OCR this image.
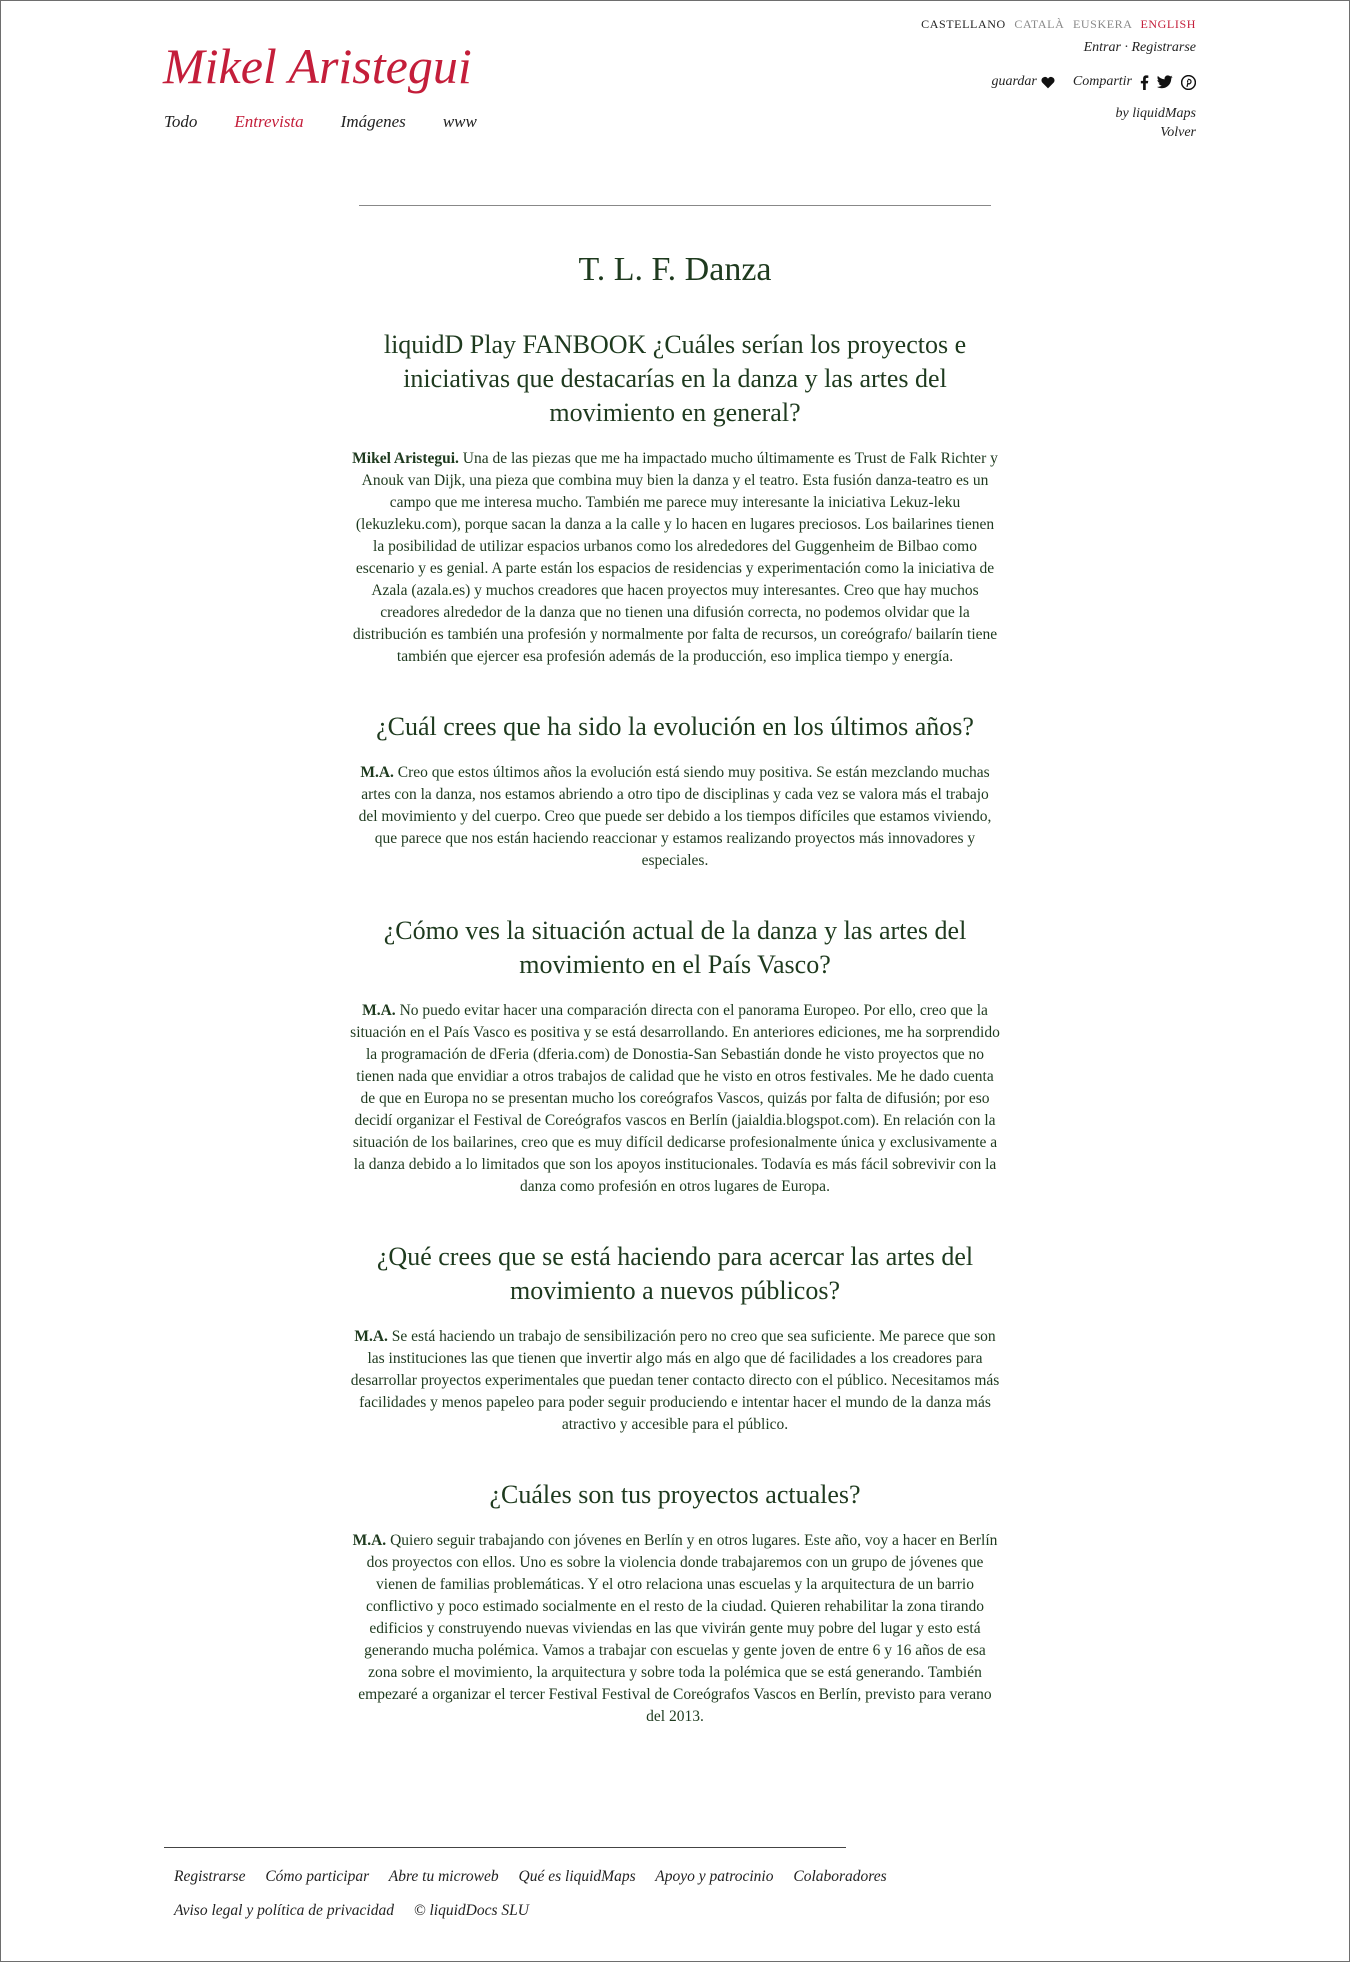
Mikel Aristegui
Todo Entrevista Imágenes www
CASTELLANO CATALÀ EUSKERA ENGLISH
Entrar · Registrarse
guardar	Compartir
by liquidMaps
Volver
T. L. F. Danza
liquidD Play FANBOOK ¿Cuáles serían los proyectos e iniciativas que destacarías en la danza y las artes del movimiento en general?

Mikel Aristegui. Una de las piezas que me ha impactado mucho últimamente es Trust de Falk Richter y Anouk van Dijk, una pieza que combina muy bien la danza y el teatro. Esta fusión danza-teatro es un campo que me interesa mucho. También me parece muy interesante la iniciativa Lekuz-leku (lekuzleku.com), porque sacan la danza a la calle y lo hacen en lugares preciosos. Los bailarines tienen la posibilidad de utilizar espacios urbanos como los alrededores del Guggenheim de Bilbao como escenario y es genial. A parte están los espacios de residencias y experimentación como la iniciativa de Azala (azala.es) y muchos creadores que hacen proyectos muy interesantes. Creo que hay muchos creadores alrededor de la danza que no tienen una difusión correcta, no podemos olvidar que la distribución es también una profesión y normalmente por falta de recursos, un coreógrafo/ bailarín tiene también que ejercer esa profesión además de la producción, eso implica tiempo y energía.

¿Cuál crees que ha sido la evolución en los últimos años?

M.A. Creo que estos últimos años la evolución está siendo muy positiva. Se están mezclando muchas artes con la danza, nos estamos abriendo a otro tipo de disciplinas y cada vez se valora más el trabajo del movimiento y del cuerpo. Creo que puede ser debido a los tiempos difíciles que estamos viviendo, que parece que nos están haciendo reaccionar y estamos realizando proyectos más innovadores y especiales.

¿Cómo ves la situación actual de la danza y las artes del movimiento en el País Vasco?

M.A. No puedo evitar hacer una comparación directa con el panorama Europeo. Por ello, creo que la situación en el País Vasco es positiva y se está desarrollando. En anteriores ediciones, me ha sorprendido la programación de dFeria (dferia.com) de Donostia-San Sebastián donde he visto proyectos que no tienen nada que envidiar a otros trabajos de calidad que he visto en otros festivales. Me he dado cuenta de que en Europa no se presentan mucho los coreógrafos Vascos, quizás por falta de difusión; por eso decidí organizar el Festival de Coreógrafos vascos en Berlín (jaialdia.blogspot.com). En relación con la situación de los bailarines, creo que es muy difícil dedicarse profesionalmente única y exclusivamente a la danza debido a lo limitados que son los apoyos institucionales. Todavía es más fácil sobrevivir con la danza como profesión en otros lugares de Europa.

¿Qué crees que se está haciendo para acercar las artes del movimiento a nuevos públicos?

M.A. Se está haciendo un trabajo de sensibilización pero no creo que sea suficiente. Me parece que son las instituciones las que tienen que invertir algo más en algo que dé facilidades a los creadores para desarrollar proyectos experimentales que puedan tener contacto directo con el público. Necesitamos más facilidades y menos papeleo para poder seguir produciendo e intentar hacer el mundo de la danza más atractivo y accesible para el público.

¿Cuáles son tus proyectos actuales?

M.A. Quiero seguir trabajando con jóvenes en Berlín y en otros lugares. Este año, voy a hacer en Berlín dos proyectos con ellos. Uno es sobre la violencia donde trabajaremos con un grupo de jóvenes que vienen de familias problemáticas. Y el otro relaciona unas escuelas y la arquitectura de un barrio conflictivo y poco estimado socialmente en el resto de la ciudad. Quieren rehabilitar la zona tirando edificios y construyendo nuevas viviendas en las que vivirán gente muy pobre del lugar y esto está generando mucha polémica. Vamos a trabajar con escuelas y gente joven de entre 6 y 16 años de esa zona sobre el movimiento, la arquitectura y sobre toda la polémica que se está generando. También empezaré a organizar el tercer Festival Festival de Coreógrafos Vascos en Berlín, previsto para verano del 2013.

Registrarse Cómo participar Abre tu microweb Qué es liquidMaps Apoyo y patrocinio Colaboradores
Aviso legal y política de privacidad © liquidDocs SLU
